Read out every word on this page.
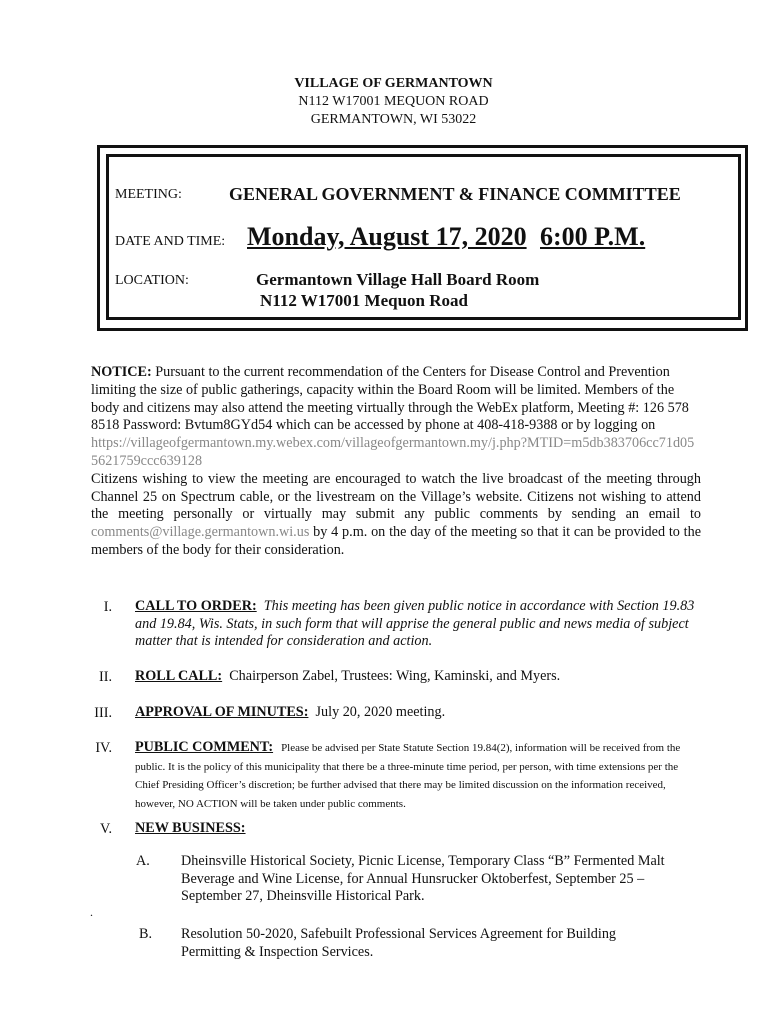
VILLAGE OF GERMANTOWN
N112 W17001 MEQUON ROAD
GERMANTOWN, WI 53022
MEETING:	GENERAL GOVERNMENT & FINANCE COMMITTEE
DATE AND TIME: Monday, August 17, 2020 6:00 P.M.
LOCATION:	Germantown Village Hall Board Room
N112 W17001 Mequon Road
NOTICE: Pursuant to the current recommendation of the Centers for Disease Control and Prevention limiting the size of public gatherings, capacity within the Board Room will be limited. Members of the body and citizens may also attend the meeting virtually through the WebEx platform, Meeting #: 126 578 8518 Password: Bvtum8GYd54 which can be accessed by phone at 408-418-9388 or by logging on
https://villageofgermantown.my.webex.com/villageofgermantown.my/j.php?MTID=m5db383706cc71d055621759ccc639128
Citizens wishing to view the meeting are encouraged to watch the live broadcast of the meeting through Channel 25 on Spectrum cable, or the livestream on the Village’s website. Citizens not wishing to attend the meeting personally or virtually may submit any public comments by sending an email to comments@village.germantown.wi.us by 4 p.m. on the day of the meeting so that it can be provided to the members of the body for their consideration.
I. CALL TO ORDER: This meeting has been given public notice in accordance with Section 19.83 and 19.84, Wis. Stats, in such form that will apprise the general public and news media of subject matter that is intended for consideration and action.
II. ROLL CALL: Chairperson Zabel, Trustees: Wing, Kaminski, and Myers.
III. APPROVAL OF MINUTES: July 20, 2020 meeting.
IV. PUBLIC COMMENT: Please be advised per State Statute Section 19.84(2), information will be received from the public. It is the policy of this municipality that there be a three-minute time period, per person, with time extensions per the Chief Presiding Officer’s discretion; be further advised that there may be limited discussion on the information received, however, NO ACTION will be taken under public comments.
V. NEW BUSINESS:
A. Dheinsville Historical Society, Picnic License, Temporary Class “B” Fermented Malt Beverage and Wine License, for Annual Hunsrucker Oktoberfest, September 25 – September 27, Dheinsville Historical Park.
.
B. Resolution 50-2020, Safebuilt Professional Services Agreement for Building Permitting & Inspection Services.
